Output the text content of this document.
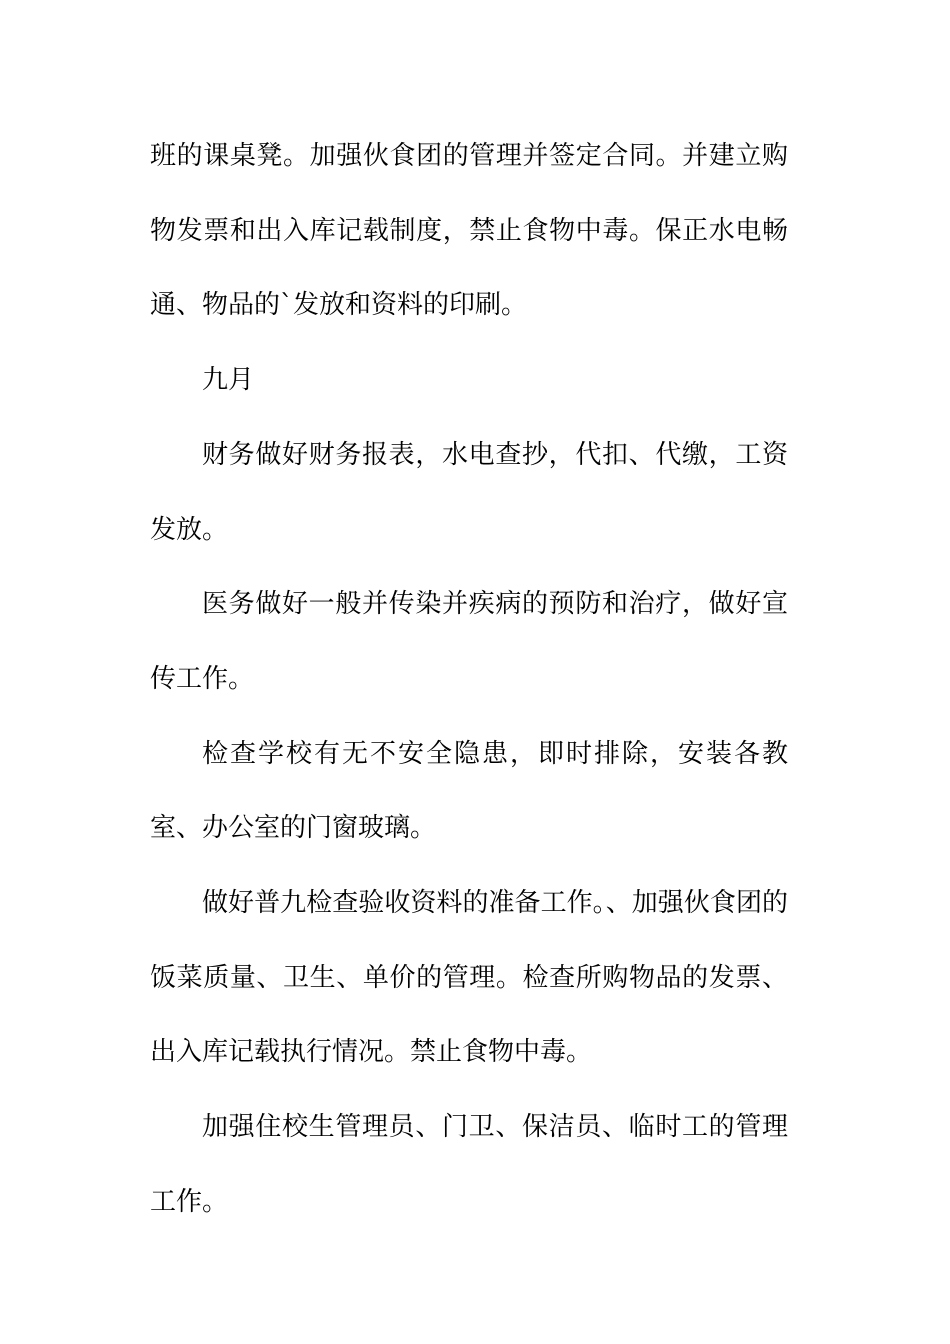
班的课桌凳。加强伙食团的管理并签定合同。并建立购物发票和出入库记载制度，禁止食物中毒。保正水电畅通、物品的`发放和资料的印刷。

九月

财务做好财务报表，水电查抄，代扣、代缴，工资发放。

医务做好一般并传染并疾病的预防和治疗，做好宣传工作。

检查学校有无不安全隐患，即时排除，安装各教室、办公室的门窗玻璃。

做好普九检查验收资料的准备工作。、加强伙食团的饭菜质量、卫生、单价的管理。检查所购物品的发票、出入库记载执行情况。禁止食物中毒。

加强住校生管理员、门卫、保洁员、临时工的管理工作。
